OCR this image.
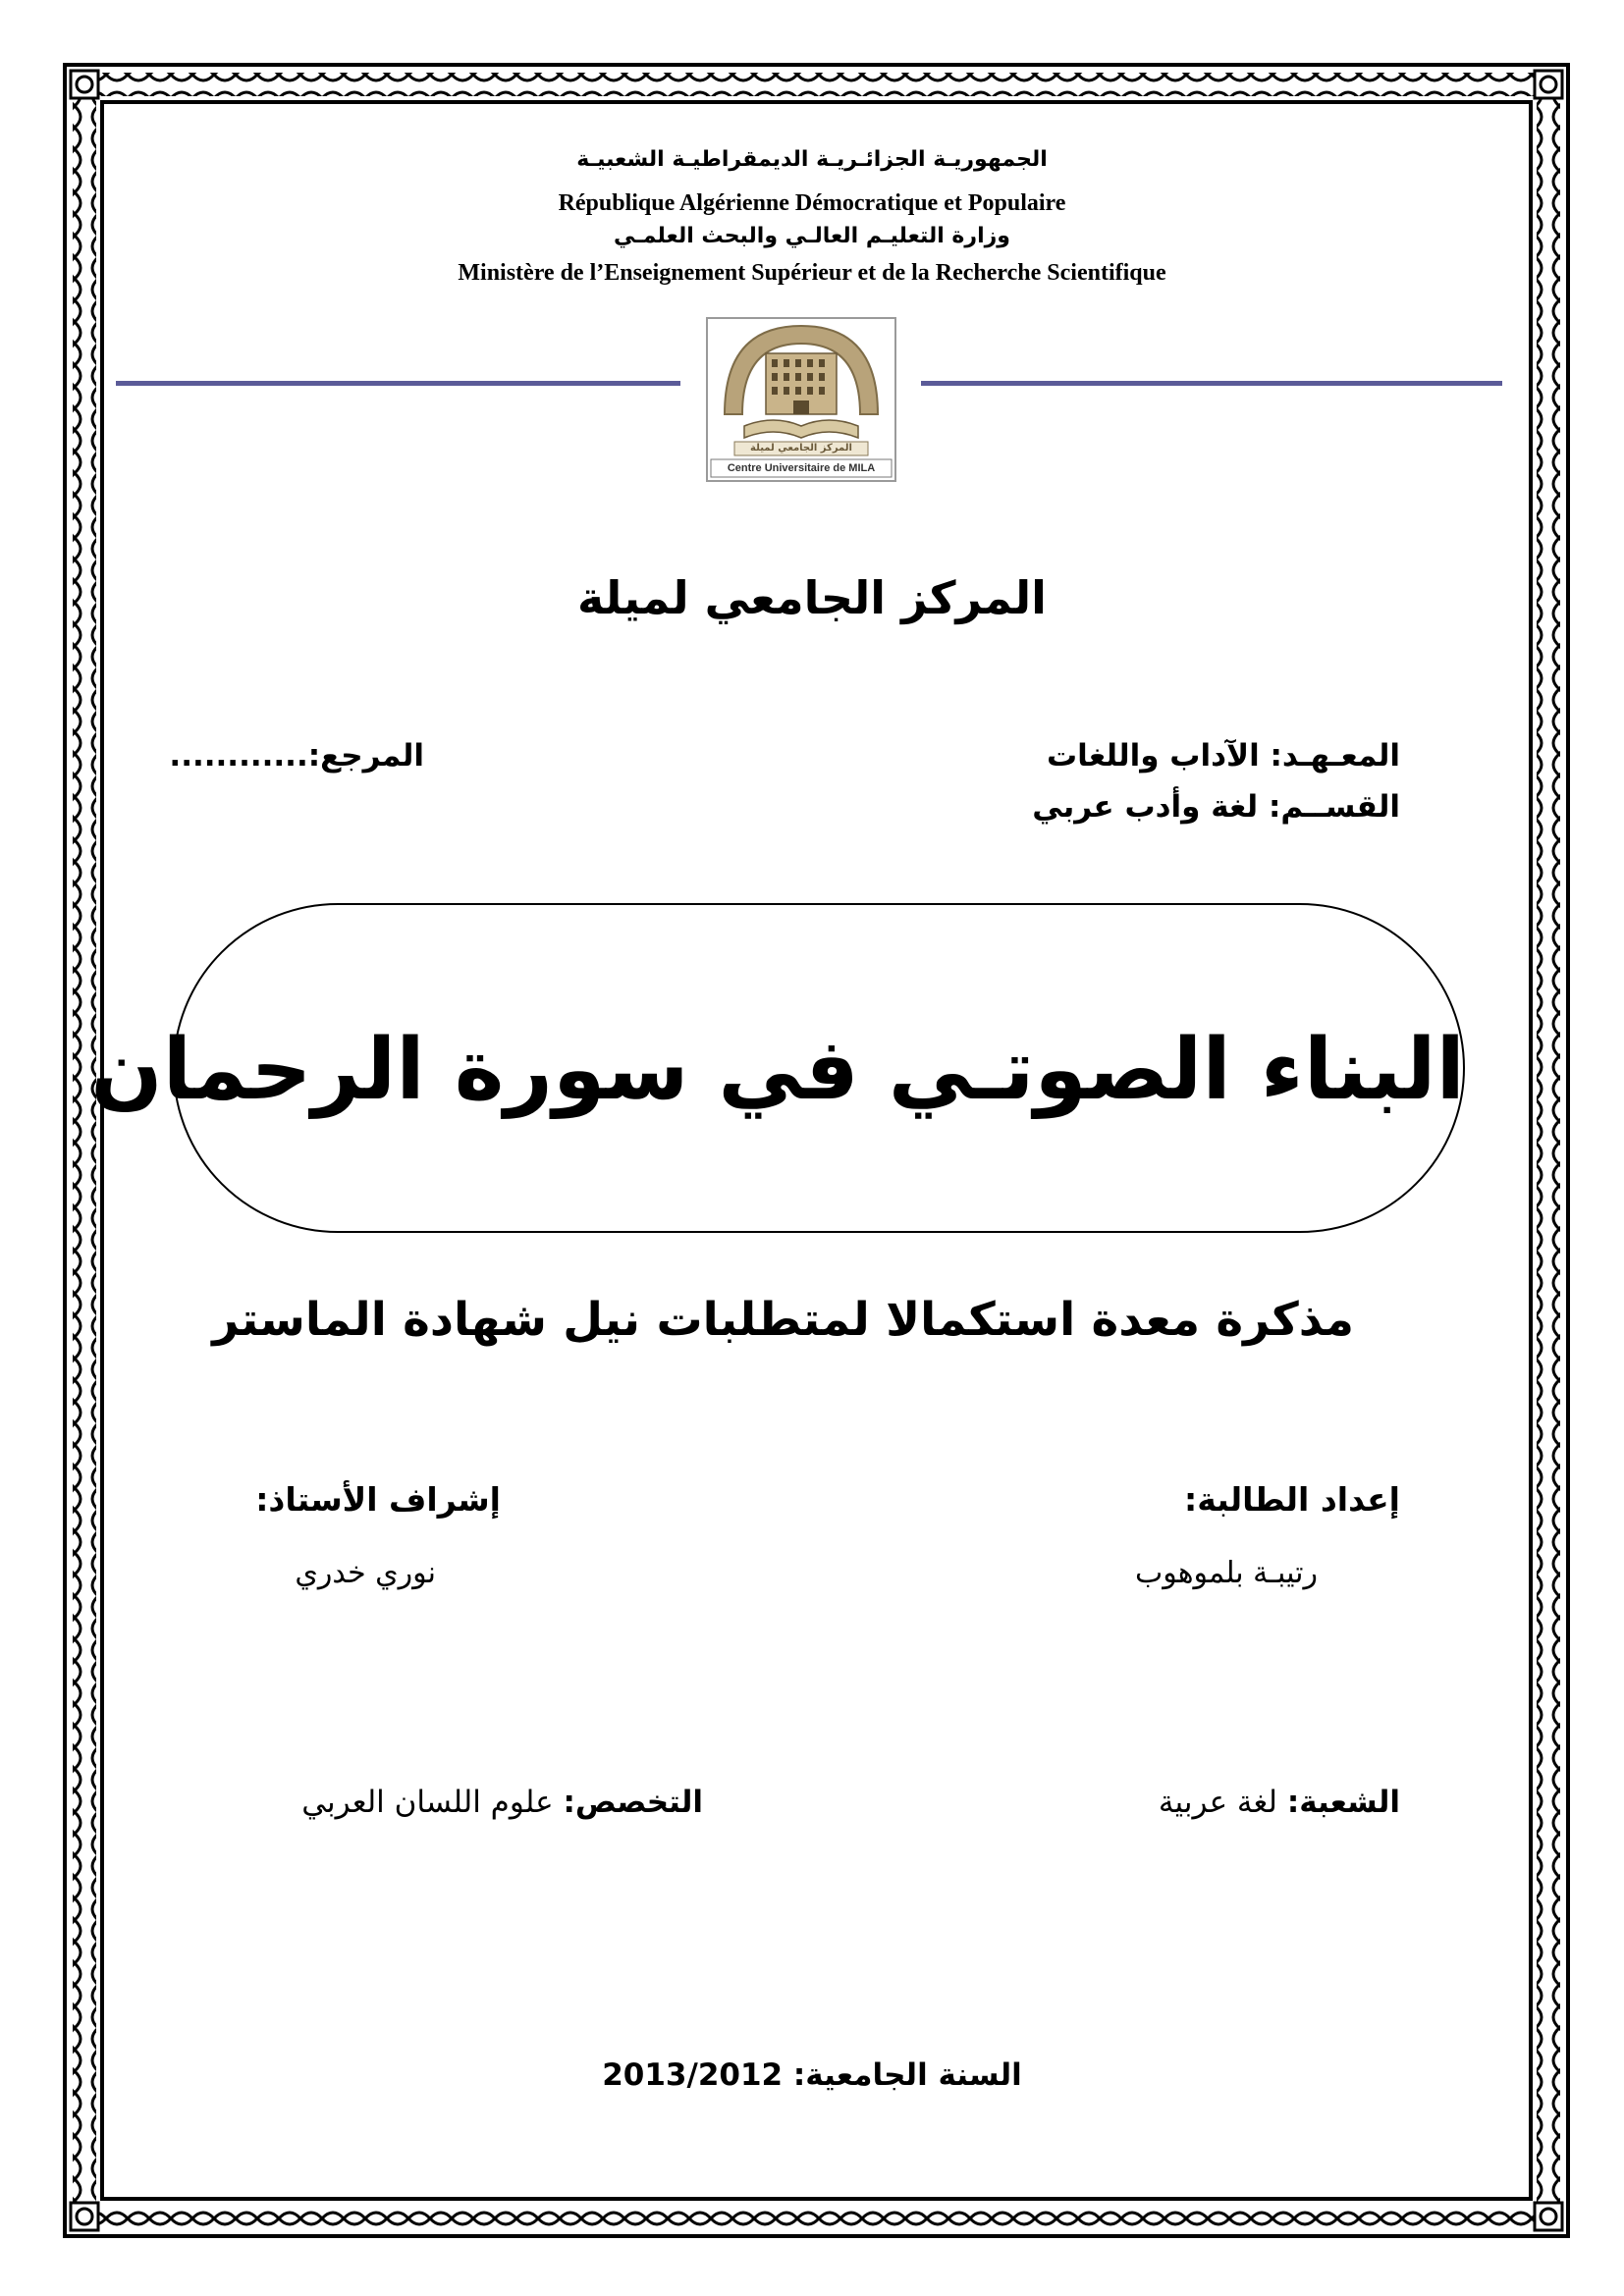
الجمهوريـة الجزائـريـة الديمقراطيـة الشعبيـة
République Algérienne Démocratique et Populaire
وزارة التعليـم العالـي والبحث العلمـي
Ministère de l’Enseignement Supérieur et de la Recherche Scientifique
المركز الجامعي لميلة
Centre Universitaire de MILA
المركز الجامعي لميلة
المعـهـد: الآداب واللغات
القســم: لغة وأدب عربي
المرجع:............
البناء الصوتـي في سورة الرحمان
مذكرة معدة استكمالا لمتطلبات نيل شهادة الماستر
إعداد الطالبة:
رتيبـة بلموهوب
إشراف الأستاذ:
نوري خدري
الشعبة: لغة عربية
التخصص: علوم اللسان العربي
السنة الجامعية: 2013/2012
